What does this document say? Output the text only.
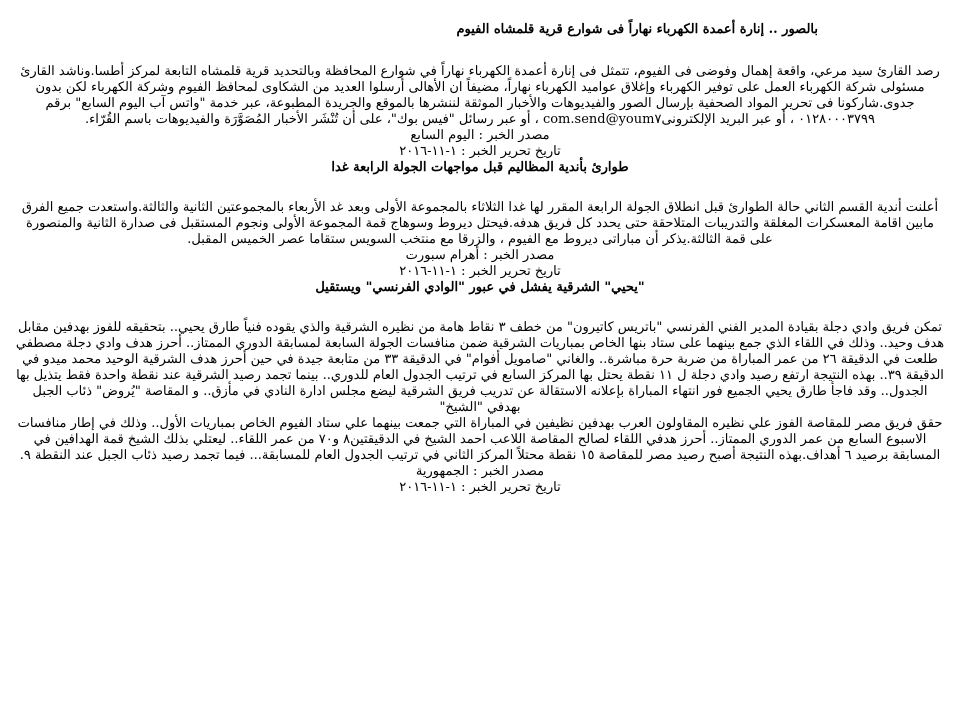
بالصور .. إنارة أعمدة الكهرباء نهاراً فى شوارع قرية قلمشاه الفيوم

رصد القارئ سيد مرعي، واقعة إهمال وفوضى فى الفيوم، تتمثل فى إنارة أعمدة الكهرباء نهاراً في شوارع المحافظة وبالتحديد قرية قلمشاه التابعة لمركز أطسا.وناشد القارئ مسئولى شركة الكهرباء العمل على توفير الكهرباء وإغلاق عواميد الكهرباء نهاراً، مضيفاً ان الأهالى أرسلوا العديد من الشكاوى لمحافظ الفيوم وشركة الكهرباء لكن بدون جدوى.شاركونا فى تحرير المواد الصحفية بإرسال الصور والفيديوهات والأخبار الموثقة لننشرها بالموقع والجريدة المطبوعة، عبر خدمة "واتس آب اليوم السابع" برقم ٠١٢٨٠٠٠٣٧٩٩ ، أو عبر البريد الإلكترونىsend@youm٧.com ، أو عبر رسائل "فيس بوك"، على أن تُنْشَر الأخبار المُصَوَّرَة والفيديوهات باسم القُرّاء.

مصدر الخبر : اليوم السابع

تاريخ تحرير الخبر : ١-١١-٢٠١٦

طوارئ بأندية المظاليم قبل مواجهات الجولة الرابعة غدا

أعلنت أندية القسم الثاني حالة الطوارئ قبل انطلاق الجولة الرابعة المقرر لها غدا الثلاثاء بالمجموعة الأولى وبعد غد الأربعاء بالمجموعتين الثانية والثالثة.واستعدت جميع الفرق مابين اقامة المعسكرات المغلقة والتدريبات المتلاحقة حتى يحدد كل فريق هدفه.فيحتل ديروط وسوهاج قمة المجموعة الأولى ونجوم المستقبل فى صدارة الثانية والمنصورة على قمة الثالثة.يذكر أن مباراتى ديروط مع الفيوم ، والزرقا مع منتخب السويس ستقاما عصر الخميس المقبل.

مصدر الخبر : أهرام سبورت

تاريخ تحرير الخبر : ١-١١-٢٠١٦

"يحيي" الشرقية يفشل في عبور "الوادي الفرنسي" ويستقيل

تمكن فريق وادي دجلة بقيادة المدير الفني الفرنسي "باتريس كاتيرون" من خطف ٣ نقاط هامة من نظيره الشرقية والذي يقوده فنياً طارق يحيي.. بتحقيقه للفوز بهدفين مقابل هدف وحيد.. وذلك في اللقاء الذي جمع بينهما على ستاد بنها الخاص بمباريات الشرقية ضمن منافسات الجولة السابعة لمسابقة الدوري الممتاز.. أحرز هدف وادي دجلة مصطفي طلعت في الدقيقة ٢٦ من عمر المباراة من ضربة حرة مباشرة.. والغاني "صامويل أفوام" في الدقيقة ٣٣ من متابعة جيدة في حين أحرز هدف الشرقية الوحيد محمد ميدو في الدقيقة ٣٩.. بهذه النتيجة ارتفع رصيد وادي دجلة ل ١١ نقطة يحتل بها المركز السابع في ترتيب الجدول العام للدوري.. بينما تجمد رصيد الشرقية عند نقطة واحدة فقط يتذيل بها الجدول.. وقد فاجأ طارق يحيي الجميع فور انتهاء المباراة بإعلانه الاستقالة عن تدريب فريق الشرقية ليضع مجلس ادارة النادي في مأزق.. و المقاصة "يُروض" ذئاب الجبل بهدفي "الشيخ"

حقق فريق مصر للمقاصة الفوز علي نظيره المقاولون العرب بهدفين نظيفين في المباراة التي جمعت بينهما علي ستاد الفيوم الخاص بمباريات الأول.. وذلك في إطار منافسات الاسبوع السابع من عمر الدوري الممتاز.. أحرز هدفي اللقاء لصالح المقاصة اللاعب احمد الشيخ في الدقيقتين٨ و٧٠ من عمر اللقاء.. ليعتلي بذلك الشيخ قمة الهدافين في المسابقة برصيد ٦ أهداف.بهذه النتيجة أصبح رصيد مصر للمقاصة ١٥ نقطة محتلاً المركز الثاني في ترتيب الجدول العام للمسابقة... فيما تجمد رصيد ذئاب الجبل عند النقطة ٩.

مصدر الخبر : الجمهورية

تاريخ تحرير الخبر : ١-١١-٢٠١٦
